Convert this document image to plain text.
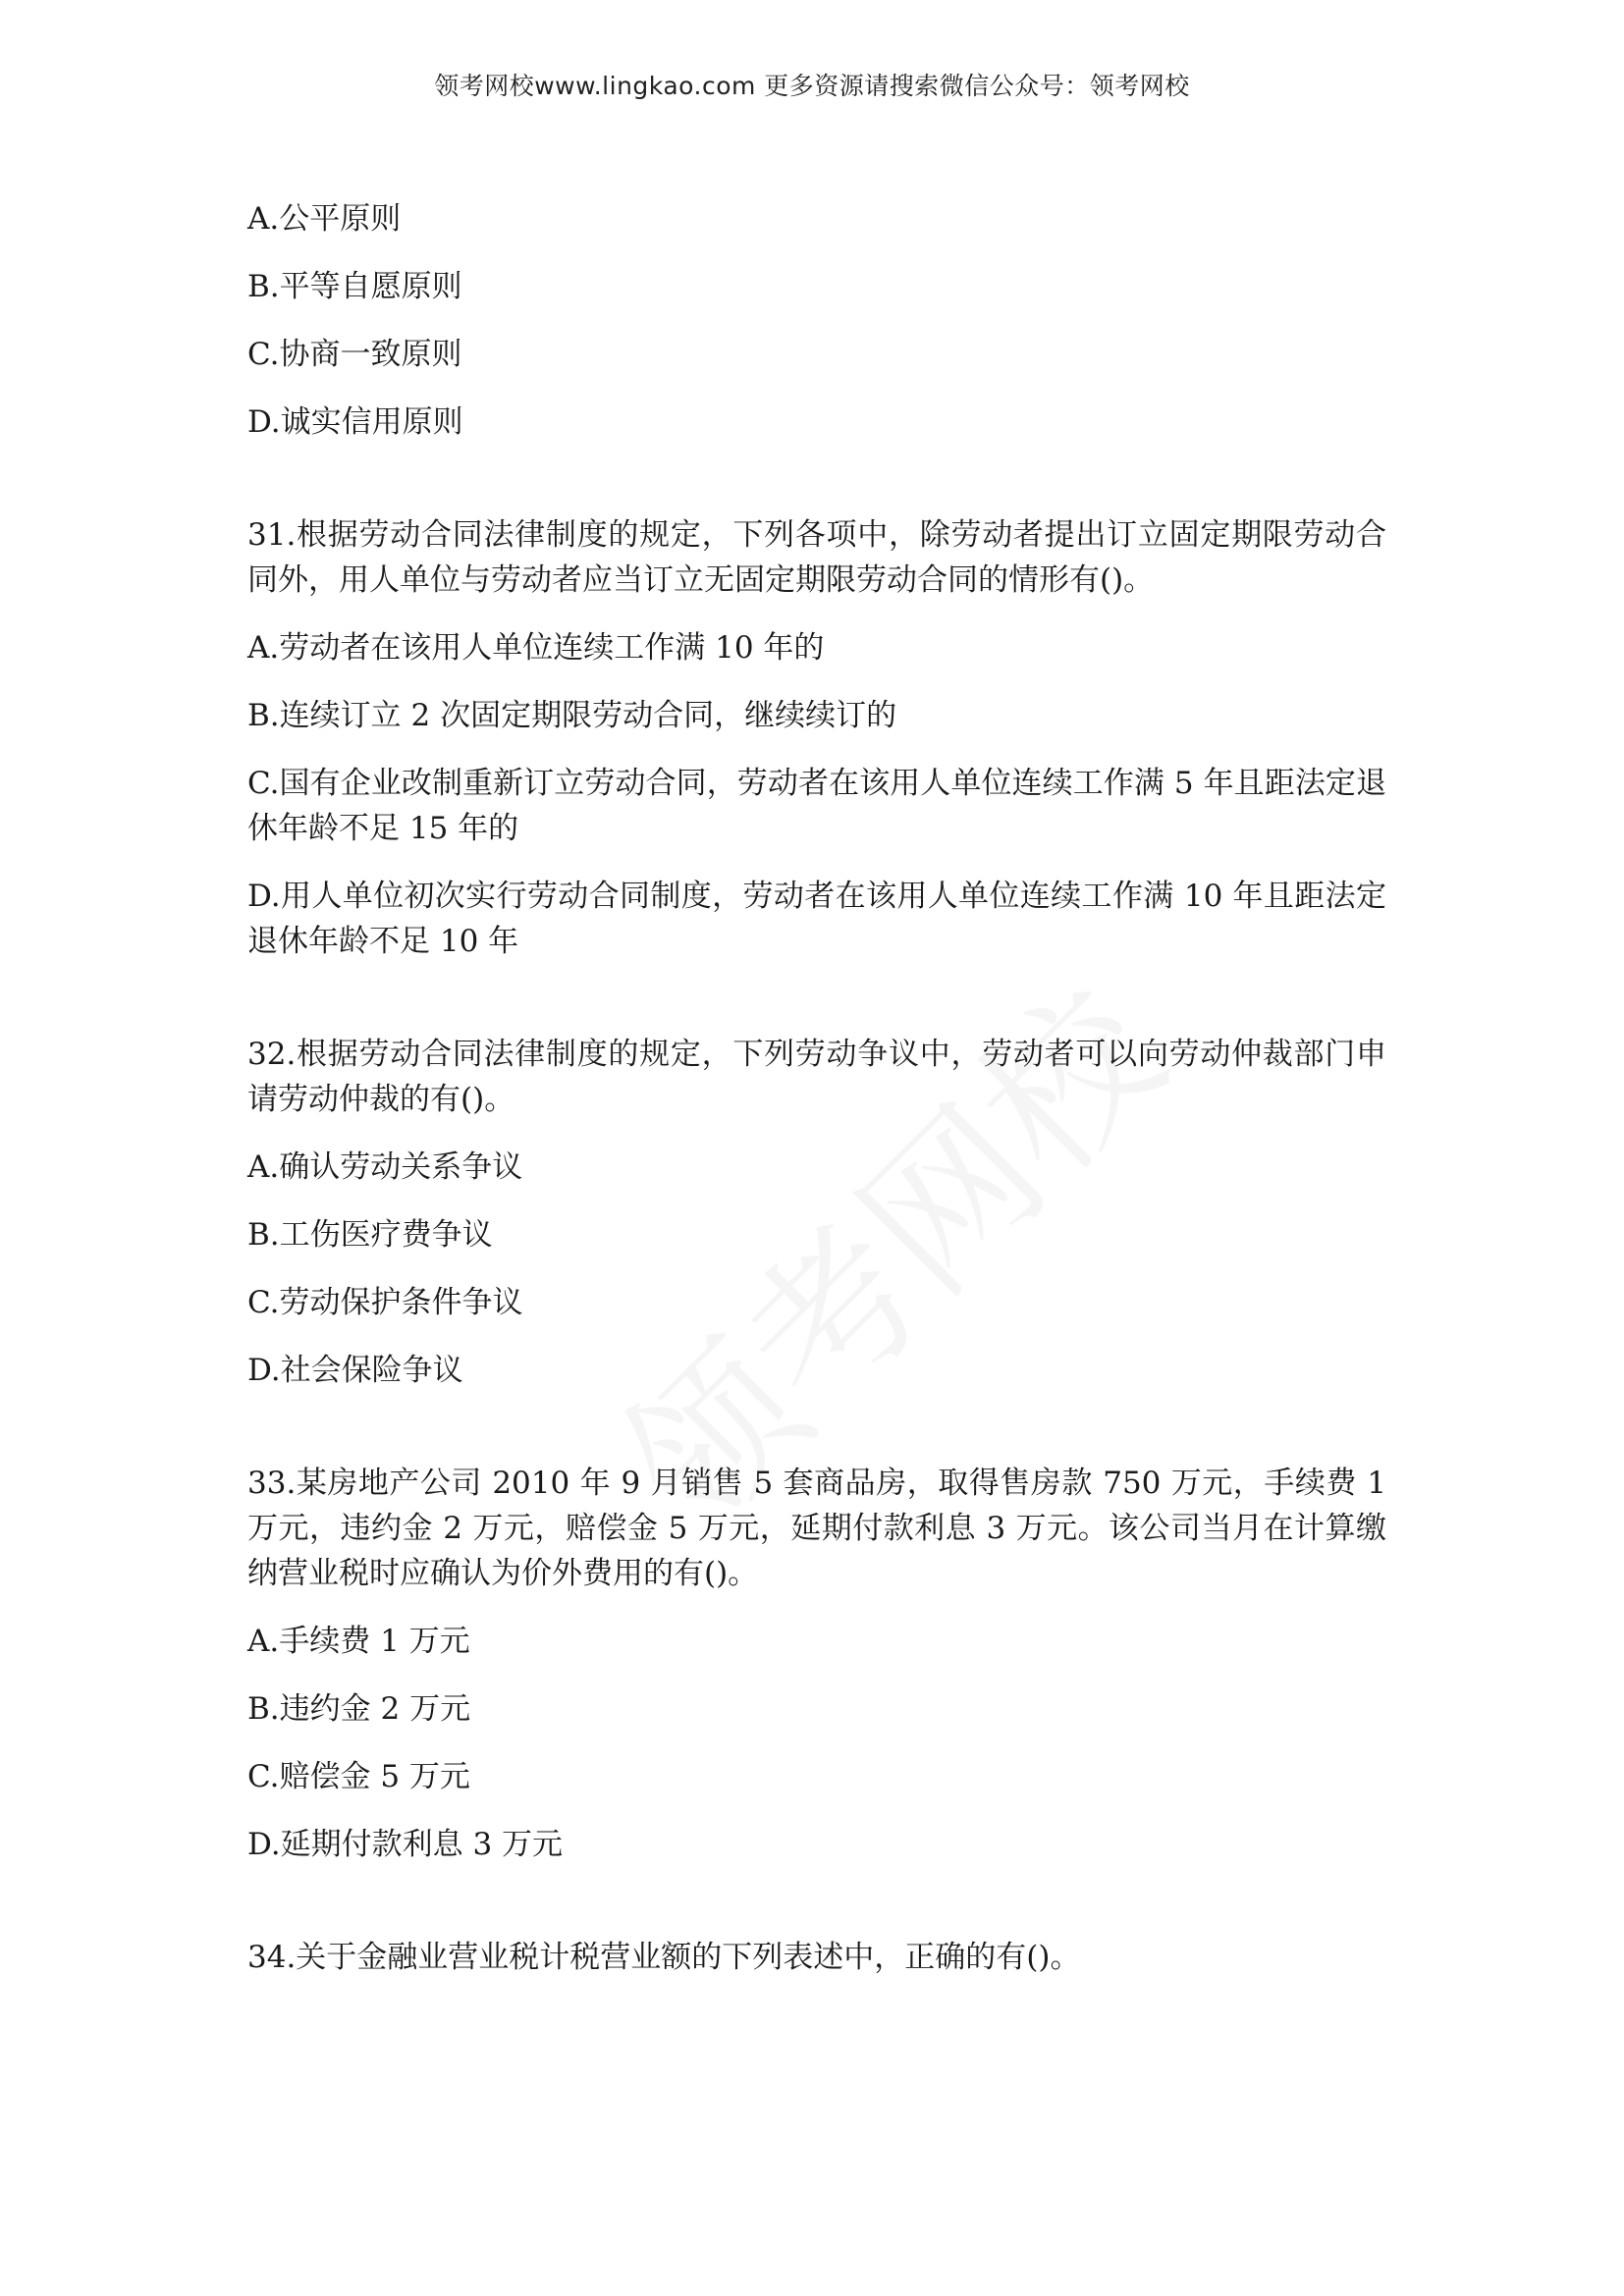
领考网校www.lingkao.com 更多资源请搜索微信公众号：领考网校

A.公平原则

B.平等自愿原则

C.协商一致原则

D.诚实信用原则

31.根据劳动合同法律制度的规定，下列各项中，除劳动者提出订立固定期限劳动合同外，用人单位与劳动者应当订立无固定期限劳动合同的情形有()。

A.劳动者在该用人单位连续工作满 10 年的

B.连续订立 2 次固定期限劳动合同，继续续订的

C.国有企业改制重新订立劳动合同，劳动者在该用人单位连续工作满 5 年且距法定退休年龄不足 15 年的

D.用人单位初次实行劳动合同制度，劳动者在该用人单位连续工作满 10 年且距法定退休年龄不足 10 年

32.根据劳动合同法律制度的规定，下列劳动争议中，劳动者可以向劳动仲裁部门申请劳动仲裁的有()。

A.确认劳动关系争议

B.工伤医疗费争议

C.劳动保护条件争议

D.社会保险争议

33.某房地产公司 2010 年 9 月销售 5 套商品房，取得售房款 750 万元，手续费 1 万元，违约金 2 万元，赔偿金 5 万元，延期付款利息 3 万元。该公司当月在计算缴纳营业税时应确认为价外费用的有()。

A.手续费 1 万元

B.违约金 2 万元

C.赔偿金 5 万元

D.延期付款利息 3 万元

34.关于金融业营业税计税营业额的下列表述中，正确的有()。
